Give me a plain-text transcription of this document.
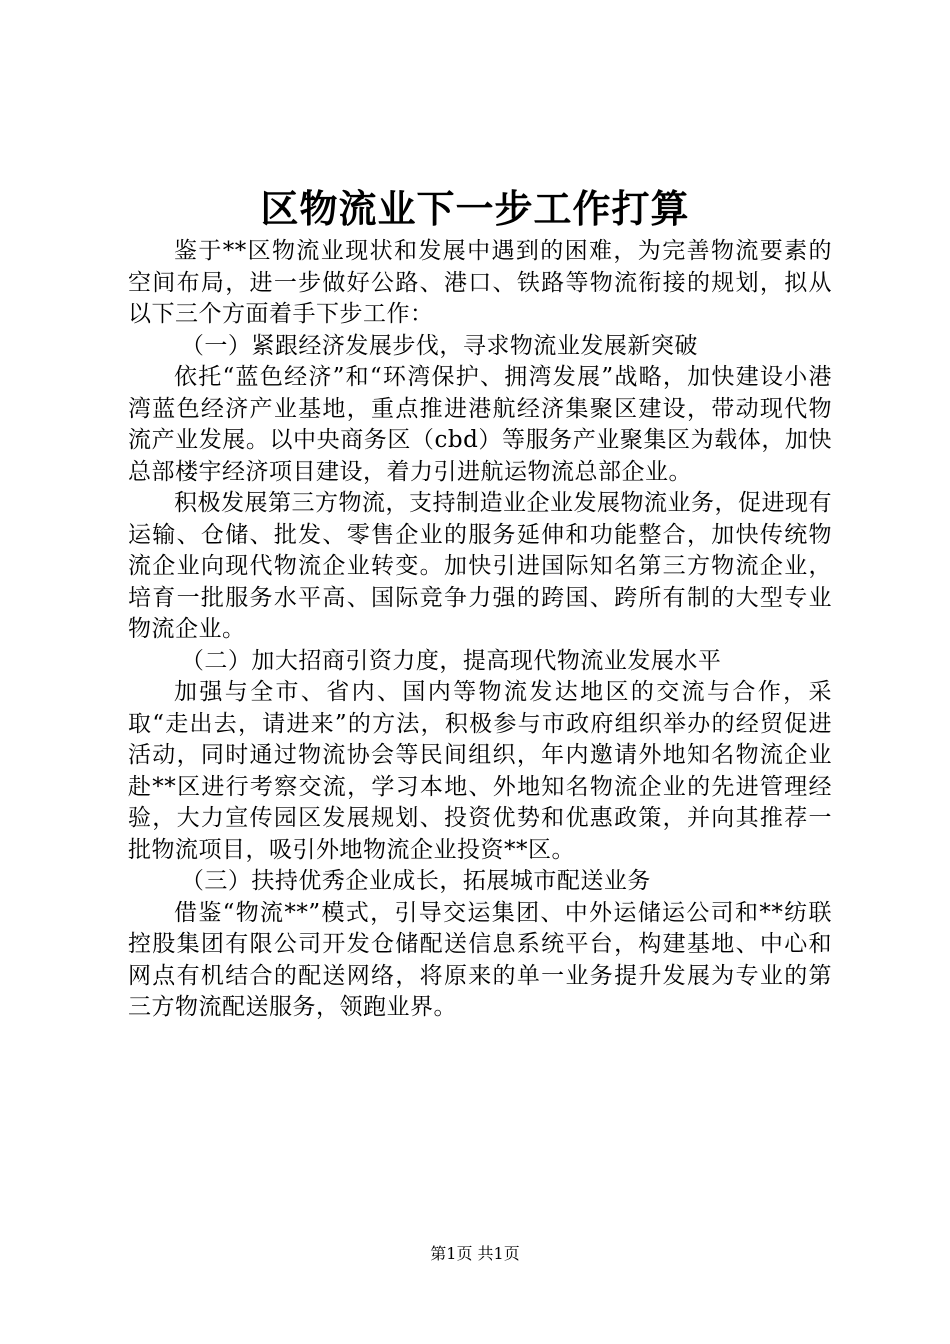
区物流业下一步工作打算

鉴于**区物流业现状和发展中遇到的困难，为完善物流要素的空间布局，进一步做好公路、港口、铁路等物流衔接的规划，拟从以下三个方面着手下步工作：

（一）紧跟经济发展步伐，寻求物流业发展新突破

依托“蓝色经济”和“环湾保护、拥湾发展”战略，加快建设小港湾蓝色经济产业基地，重点推进港航经济集聚区建设，带动现代物流产业发展。以中央商务区（cbd）等服务产业聚集区为载体，加快总部楼宇经济项目建设，着力引进航运物流总部企业。

积极发展第三方物流，支持制造业企业发展物流业务，促进现有运输、仓储、批发、零售企业的服务延伸和功能整合，加快传统物流企业向现代物流企业转变。加快引进国际知名第三方物流企业，培育一批服务水平高、国际竞争力强的跨国、跨所有制的大型专业物流企业。

（二）加大招商引资力度，提高现代物流业发展水平

加强与全市、省内、国内等物流发达地区的交流与合作，采取“走出去，请进来”的方法，积极参与市政府组织举办的经贸促进活动，同时通过物流协会等民间组织，年内邀请外地知名物流企业赴**区进行考察交流，学习本地、外地知名物流企业的先进管理经验，大力宣传园区发展规划、投资优势和优惠政策，并向其推荐一批物流项目，吸引外地物流企业投资**区。

（三）扶持优秀企业成长，拓展城市配送业务

借鉴“物流**”模式，引导交运集团、中外运储运公司和**纺联控股集团有限公司开发仓储配送信息系统平台，构建基地、中心和网点有机结合的配送网络，将原来的单一业务提升发展为专业的第三方物流配送服务，领跑业界。

第1页 共1页
